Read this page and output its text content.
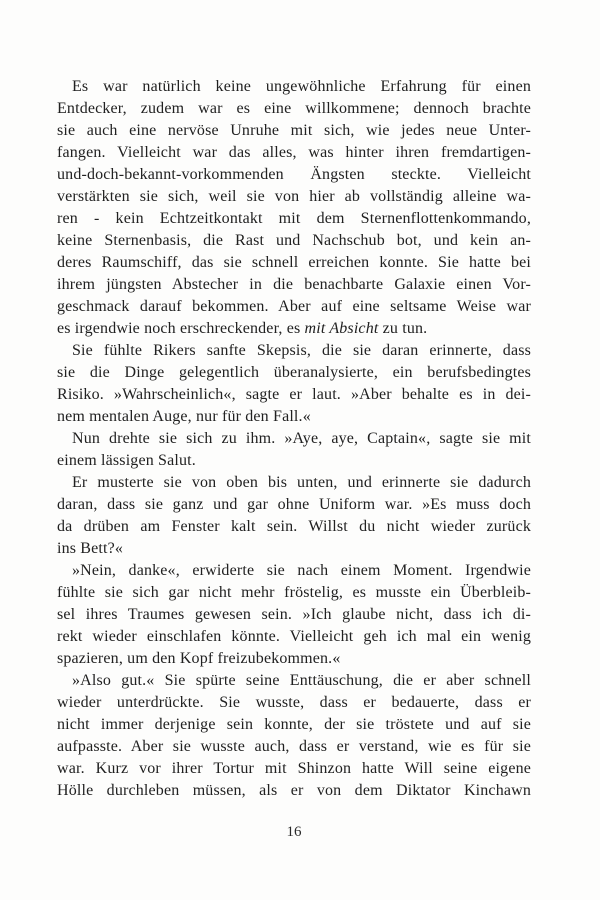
Es war natürlich keine ungewöhnliche Erfahrung für einen
Entdecker, zudem war es eine willkommene; dennoch brachte
sie auch eine nervöse Unruhe mit sich, wie jedes neue Unter-
fangen. Vielleicht war das alles, was hinter ihren fremdartigen-
und-doch-bekannt-vorkommenden Ängsten steckte. Vielleicht
verstärkten sie sich, weil sie von hier ab vollständig alleine wa-
ren - kein Echtzeitkontakt mit dem Sternenflottenkommando,
keine Sternenbasis, die Rast und Nachschub bot, und kein an-
deres Raumschiff, das sie schnell erreichen konnte. Sie hatte bei
ihrem jüngsten Abstecher in die benachbarte Galaxie einen Vor-
geschmack darauf bekommen. Aber auf eine seltsame Weise war
es irgendwie noch erschreckender, es mit Absicht zu tun.
Sie fühlte Rikers sanfte Skepsis, die sie daran erinnerte, dass
sie die Dinge gelegentlich überanalysierte, ein berufsbedingtes
Risiko. »Wahrscheinlich«, sagte er laut. »Aber behalte es in dei-
nem mentalen Auge, nur für den Fall.«
Nun drehte sie sich zu ihm. »Aye, aye, Captain«, sagte sie mit
einem lässigen Salut.
Er musterte sie von oben bis unten, und erinnerte sie dadurch
daran, dass sie ganz und gar ohne Uniform war. »Es muss doch
da drüben am Fenster kalt sein. Willst du nicht wieder zurück
ins Bett?«
»Nein, danke«, erwiderte sie nach einem Moment. Irgendwie
fühlte sie sich gar nicht mehr fröstelig, es musste ein Überbleib-
sel ihres Traumes gewesen sein. »Ich glaube nicht, dass ich di-
rekt wieder einschlafen könnte. Vielleicht geh ich mal ein wenig
spazieren, um den Kopf freizubekommen.«
»Also gut.« Sie spürte seine Enttäuschung, die er aber schnell
wieder unterdrückte. Sie wusste, dass er bedauerte, dass er
nicht immer derjenige sein konnte, der sie tröstete und auf sie
aufpasste. Aber sie wusste auch, dass er verstand, wie es für sie
war. Kurz vor ihrer Tortur mit Shinzon hatte Will seine eigene
Hölle durchleben müssen, als er von dem Diktator Kinchawn
16
